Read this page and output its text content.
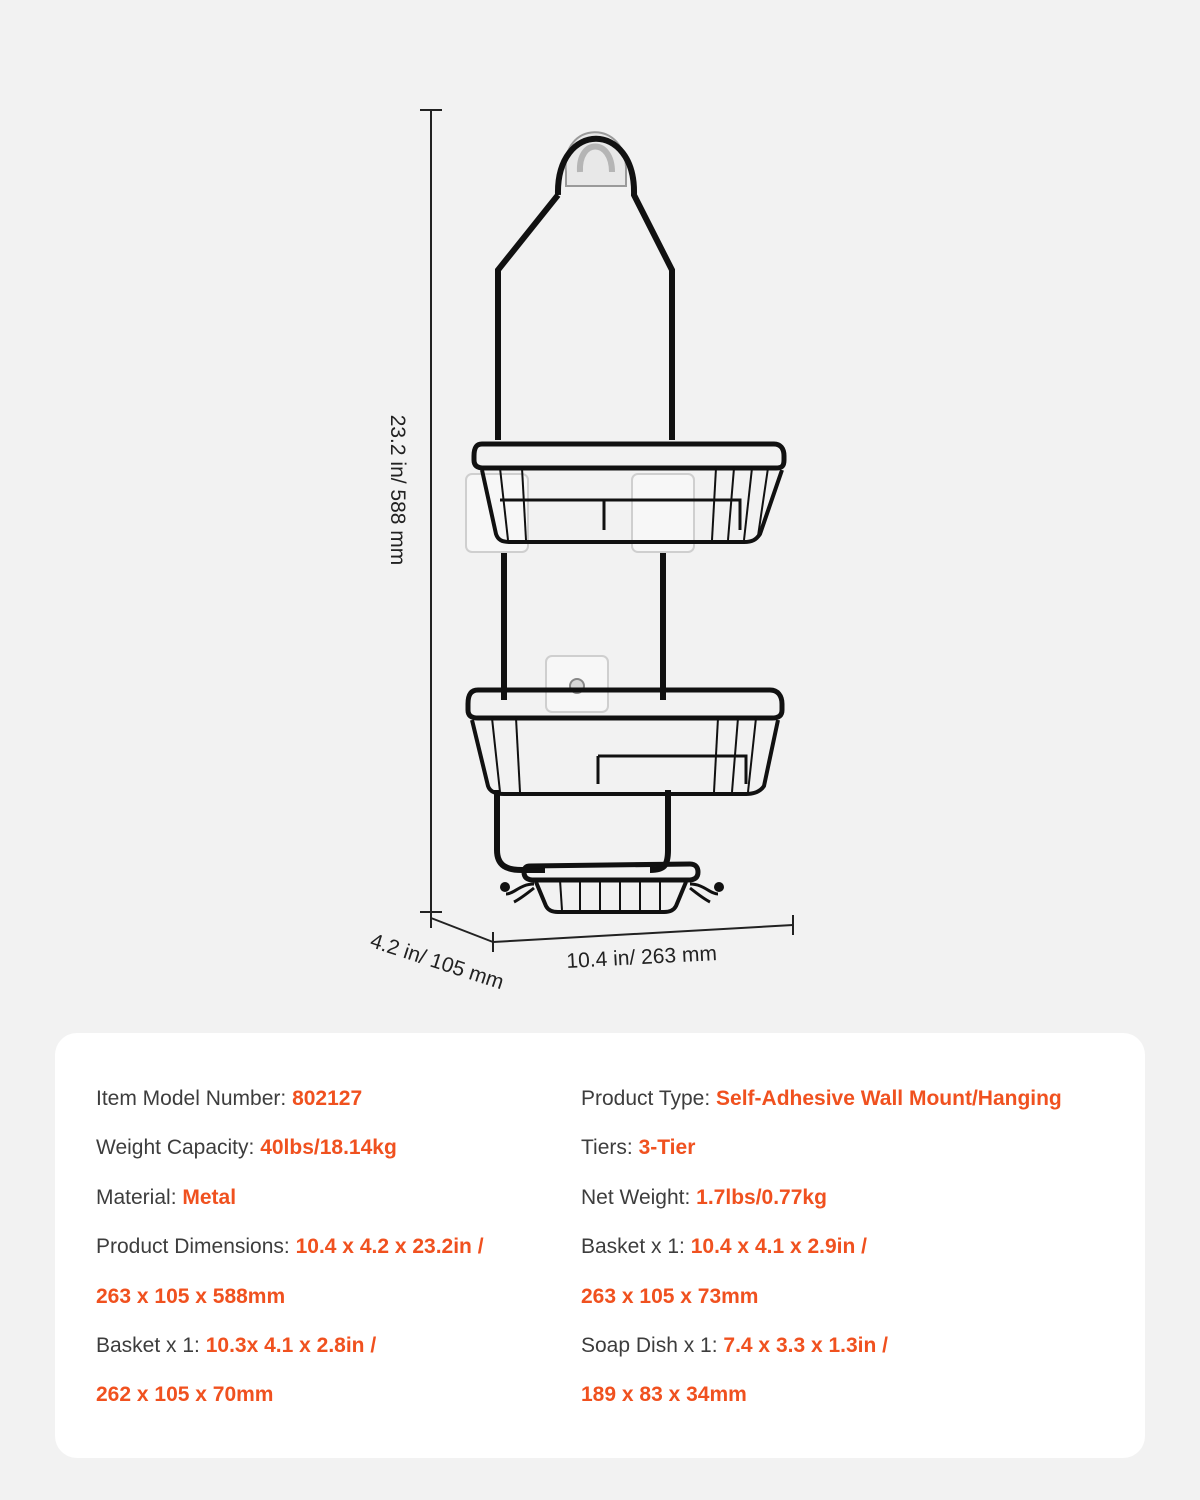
23.2 in/ 588 mm
4.2 in/ 105 mm	10.4 in/ 263 mm
Item Model Number: 802127
Weight Capacity: 40lbs/18.14kg
Material: Metal
Product Dimensions: 10.4 x 4.2 x 23.2in /
263 x 105 x 588mm
Basket x 1: 10.3x 4.1 x 2.8in /
262 x 105 x 70mm
Product Type: Self-Adhesive Wall Mount/Hanging
Tiers: 3-Tier
Net Weight: 1.7lbs/0.77kg
Basket x 1: 10.4 x 4.1 x 2.9in /
263 x 105 x 73mm
Soap Dish x 1: 7.4 x 3.3 x 1.3in /
189 x 83 x 34mm
